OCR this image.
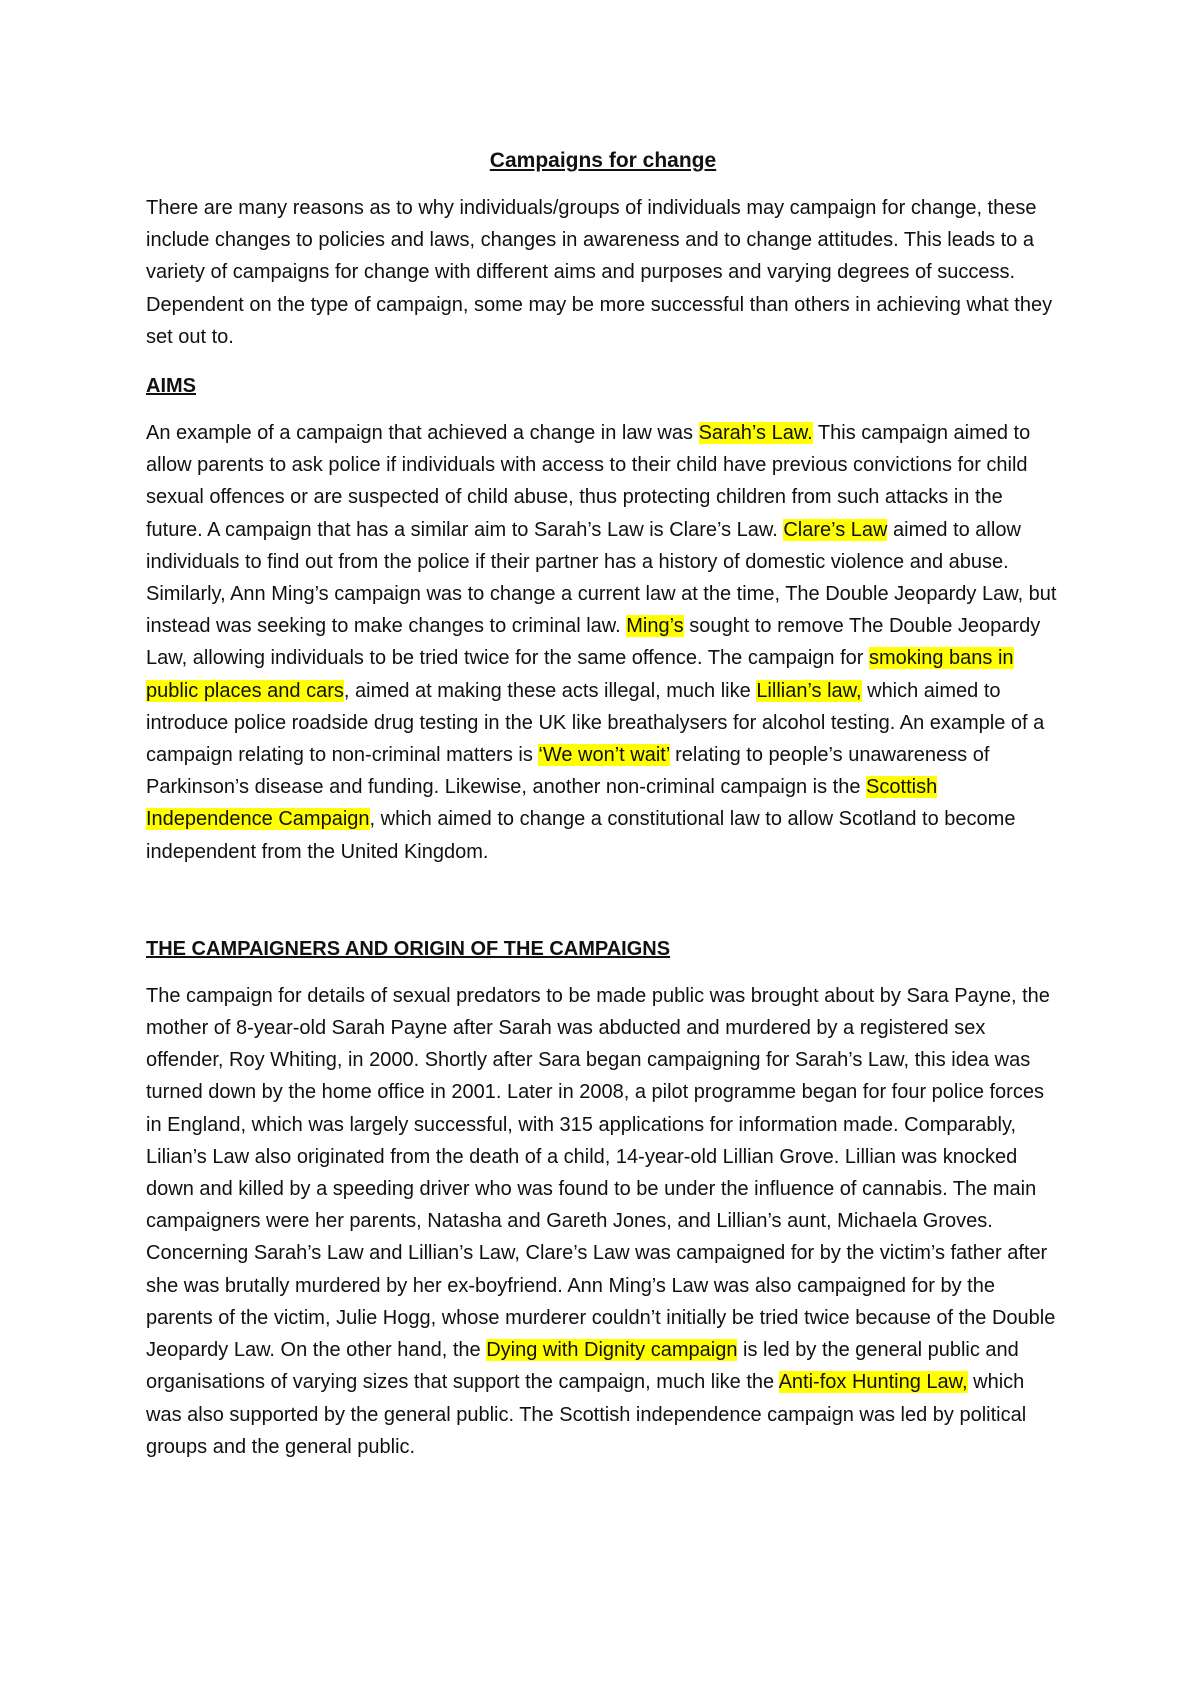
Campaigns for change

There are many reasons as to why individuals/groups of individuals may campaign for change, these include changes to policies and laws, changes in awareness and to change attitudes. This leads to a variety of campaigns for change with different aims and purposes and varying degrees of success. Dependent on the type of campaign, some may be more successful than others in achieving what they set out to.

AIMS

An example of a campaign that achieved a change in law was Sarah’s Law. This campaign aimed to allow parents to ask police if individuals with access to their child have previous convictions for child sexual offences or are suspected of child abuse, thus protecting children from such attacks in the future. A campaign that has a similar aim to Sarah’s Law is Clare’s Law. Clare’s Law aimed to allow individuals to find out from the police if their partner has a history of domestic violence and abuse. Similarly, Ann Ming’s campaign was to change a current law at the time, The Double Jeopardy Law, but instead was seeking to make changes to criminal law. Ming’s sought to remove The Double Jeopardy Law, allowing individuals to be tried twice for the same offence. The campaign for smoking bans in public places and cars, aimed at making these acts illegal, much like Lillian’s law, which aimed to introduce police roadside drug testing in the UK like breathalysers for alcohol testing. An example of a campaign relating to non-criminal matters is ‘We won’t wait’ relating to people’s unawareness of Parkinson’s disease and funding. Likewise, another non-criminal campaign is the Scottish Independence Campaign, which aimed to change a constitutional law to allow Scotland to become independent from the United Kingdom.

THE CAMPAIGNERS AND ORIGIN OF THE CAMPAIGNS

The campaign for details of sexual predators to be made public was brought about by Sara Payne, the mother of 8-year-old Sarah Payne after Sarah was abducted and murdered by a registered sex offender, Roy Whiting, in 2000. Shortly after Sara began campaigning for Sarah’s Law, this idea was turned down by the home office in 2001. Later in 2008, a pilot programme began for four police forces in England, which was largely successful, with 315 applications for information made. Comparably, Lilian’s Law also originated from the death of a child, 14-year-old Lillian Grove. Lillian was knocked down and killed by a speeding driver who was found to be under the influence of cannabis. The main campaigners were her parents, Natasha and Gareth Jones, and Lillian’s aunt, Michaela Groves. Concerning Sarah’s Law and Lillian’s Law, Clare’s Law was campaigned for by the victim’s father after she was brutally murdered by her ex-boyfriend. Ann Ming’s Law was also campaigned for by the parents of the victim, Julie Hogg, whose murderer couldn’t initially be tried twice because of the Double Jeopardy Law. On the other hand, the Dying with Dignity campaign is led by the general public and organisations of varying sizes that support the campaign, much like the Anti-fox Hunting Law, which was also supported by the general public. The Scottish independence campaign was led by political groups and the general public.
